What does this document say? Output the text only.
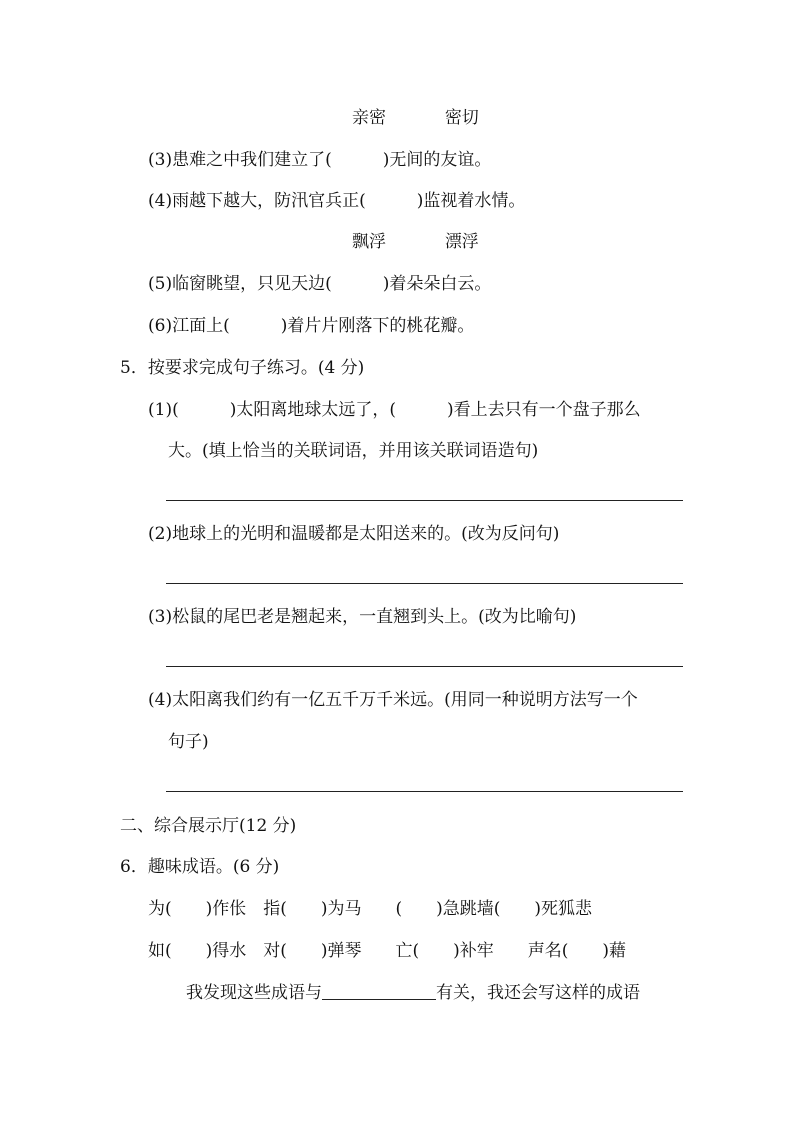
亲密	密切
(3)患难之中我们建立了(　　　)无间的友谊。
(4)雨越下越大，防汛官兵正(　　　)监视着水情。
飘浮	漂浮
(5)临窗眺望，只见天边(　　　)着朵朵白云。
(6)江面上(　　　)着片片刚落下的桃花瓣。
5．按要求完成句子练习。(4 分)
(1)(　　　)太阳离地球太远了，(　　　)看上去只有一个盘子那么
大。(填上恰当的关联词语，并用该关联词语造句)
(2)地球上的光明和温暖都是太阳送来的。(改为反问句)
(3)松鼠的尾巴老是翘起来，一直翘到头上。(改为比喻句)
(4)太阳离我们约有一亿五千万千米远。(用同一种说明方法写一个
句子)
二、综合展示厅(12 分)
6．趣味成语。(6 分)
为(　　)作伥　指(　　)为马　　(　　)急跳墙(　　)死狐悲
如(　　)得水　对(　　)弹琴　　亡(　　)补牢　　声名(　　)藉
我发现这些成语与	有关，我还会写这样的成语
